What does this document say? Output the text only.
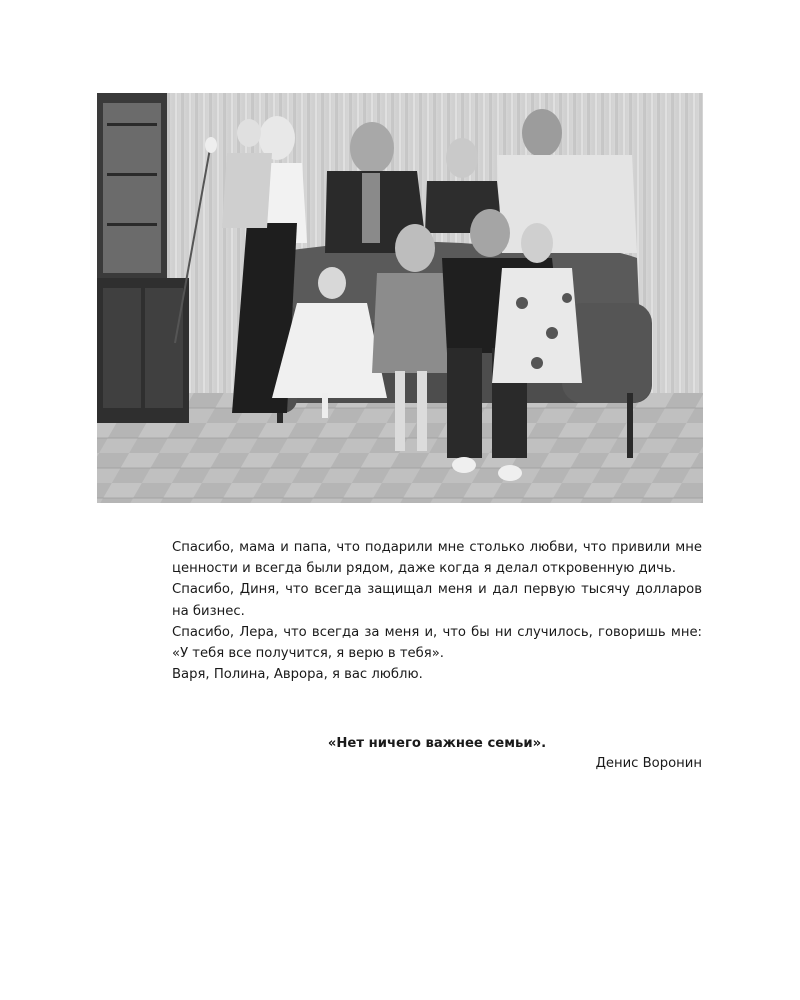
Спасибо, мама и папа, что подарили мне столько любви, что привили мне ценности и всегда были рядом, даже когда я делал откровенную дичь.

Спасибо, Диня, что всегда защищал меня и дал первую тысячу долларов на бизнес.

Спасибо, Лера, что всегда за меня и, что бы ни случилось, говоришь мне: «У тебя все получится, я верю в тебя».

Варя, Полина, Аврора, я вас люблю.

«Нет ничего важнее семьи».

Денис Воронин
